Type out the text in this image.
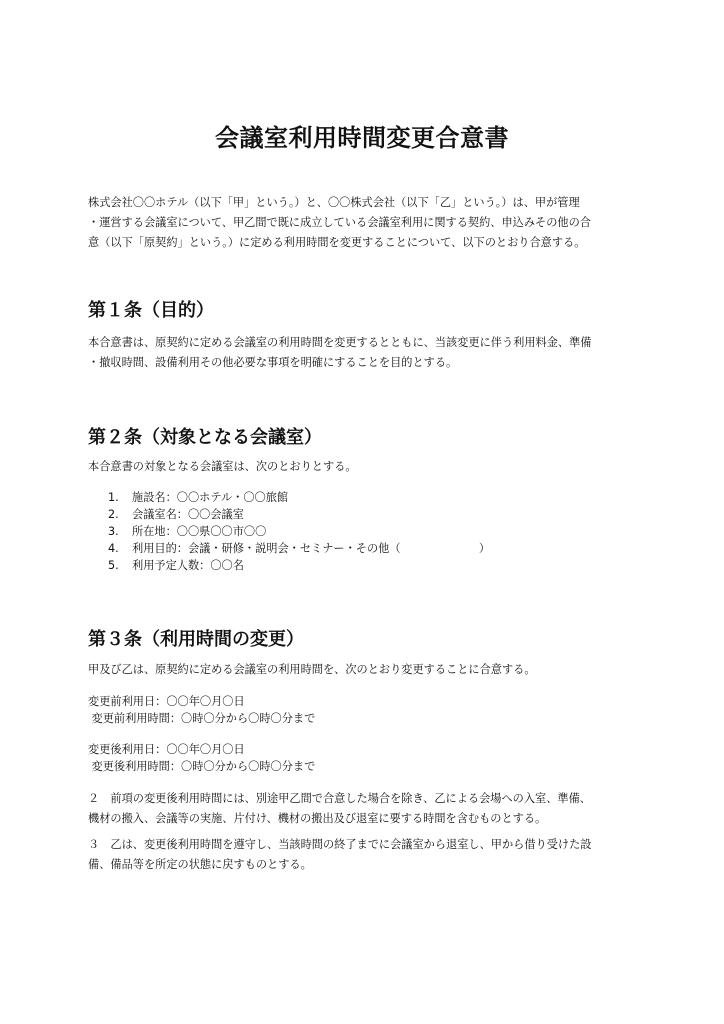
会議室利用時間変更合意書
株式会社〇〇ホテル（以下「甲」という。）と、〇〇株式会社（以下「乙」という。）は、甲が管理
・運営する会議室について、甲乙間で既に成立している会議室利用に関する契約、申込みその他の合
意（以下「原契約」という。）に定める利用時間を変更することについて、以下のとおり合意する。
第１条（目的）
本合意書は、原契約に定める会議室の利用時間を変更するとともに、当該変更に伴う利用料金、準備
・撤収時間、設備利用その他必要な事項を明確にすることを目的とする。
第２条（対象となる会議室）
本合意書の対象となる会議室は、次のとおりとする。
1.	施設名：〇〇ホテル・〇〇旅館
2.	会議室名：〇〇会議室
3.	所在地：〇〇県〇〇市〇〇
4.	利用目的：会議・研修・説明会・セミナー・その他（　　　　　　　）
5.	利用予定人数：〇〇名
第３条（利用時間の変更）
甲及び乙は、原契約に定める会議室の利用時間を、次のとおり変更することに合意する。
変更前利用日：〇〇年〇月〇日
変更前利用時間：〇時〇分から〇時〇分まで
変更後利用日：〇〇年〇月〇日
変更後利用時間：〇時〇分から〇時〇分まで
２　前項の変更後利用時間には、別途甲乙間で合意した場合を除き、乙による会場への入室、準備、
機材の搬入、会議等の実施、片付け、機材の搬出及び退室に要する時間を含むものとする。
３　乙は、変更後利用時間を遵守し、当該時間の終了までに会議室から退室し、甲から借り受けた設
備、備品等を所定の状態に戻すものとする。
